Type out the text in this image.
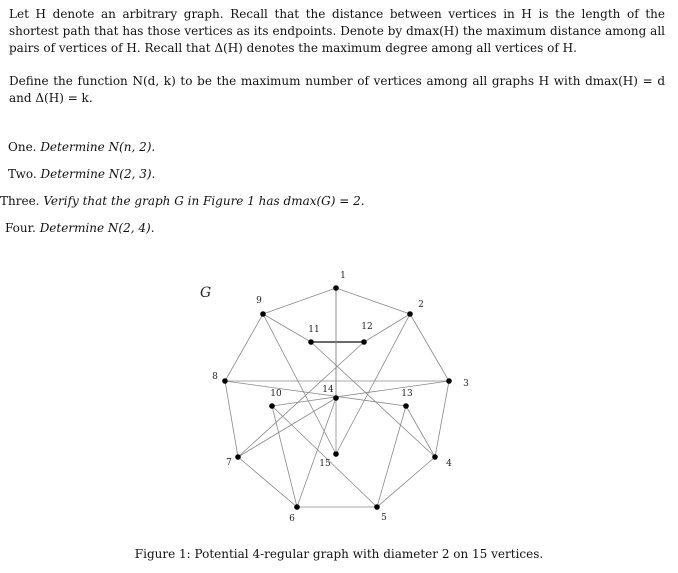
Let H denote an arbitrary graph. Recall that the distance between vertices in H is the length of the shortest path that has those vertices as its endpoints. Denote by dmax(H) the maximum distance among all pairs of vertices of H. Recall that Δ(H) denotes the maximum degree among all vertices of H.
Define the function N(d, k) to be the maximum number of vertices among all graphs H with dmax(H) = d and Δ(H) = k.
One. Determine N(n, 2).
Two. Determine N(2, 3).
Three. Verify that the graph G in Figure 1 has dmax(G) = 2.
Four. Determine N(2, 4).
G
1
2
3
4
5
6
7
8
9
10
11	12
13
14
15
Figure 1: Potential 4-regular graph with diameter 2 on 15 vertices.
